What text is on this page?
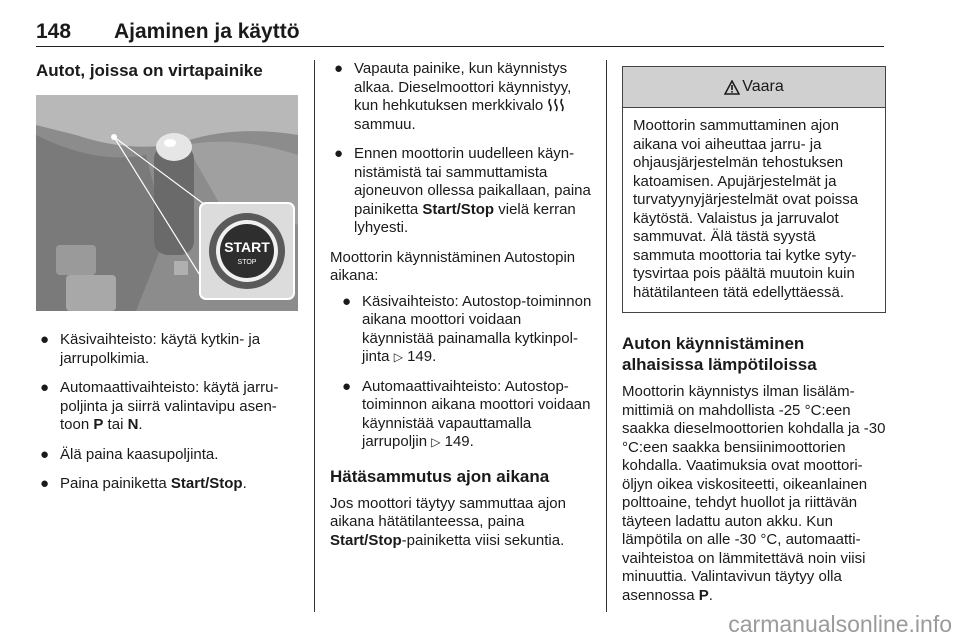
148 Ajaminen ja käyttö
Autot, joissa on virtapainike
START
STOP
● Käsivaihteisto: käytä kytkin- ja jarrupolkimia.
● Automaattivaihteisto: käytä jarrupoljinta ja siirrä valintavipu asentoon P tai N.
● Älä paina kaasupoljinta.
● Paina painiketta Start/Stop.
● Vapauta painike, kun käynnistys alkaa. Dieselmoottori käynnistyy, kun hehkutuksen merkkivalo  sammuu.
● Ennen moottorin uudelleen käynnistämistä tai sammuttamista ajoneuvon ollessa paikallaan, paina painiketta Start/Stop vielä kerran lyhyesti.

Moottorin käynnistäminen Autostopin aikana:

● Käsivaihteisto: Autostop-toiminnon aikana moottori voidaan käynnistää painamalla kytkinpoljinta ▷ 149.
● Automaattivaihteisto: Autostop-toiminnon aikana moottori voidaan käynnistää vapauttamalla jarrupoljin ▷ 149.
Hätäsammutus ajon aikana

Jos moottori täytyy sammuttaa ajon aikana hätätilanteessa, paina Start/Stop-painiketta viisi sekuntia.

Vaara

Moottorin sammuttaminen ajon aikana voi aiheuttaa jarru- ja ohjausjärjestelmän tehostuksen katoamisen. Apujärjestelmät ja turvatyynyjärjestelmät ovat poissa käytöstä. Valaistus ja jarruvalot sammuvat. Älä tästä syystä sammuta moottoria tai kytke sytytysvirtaa pois päältä muutoin kuin hätätilanteen tätä edellyttäessä.

Auton käynnistäminen alhaisissa lämpötiloissa

Moottorin käynnistys ilman lisälämmittimiä on mahdollista -25 °C:een saakka dieselmoottorien kohdalla ja -30 °C:een saakka bensiinimoottorien kohdalla. Vaatimuksia ovat moottoriöljyn oikea viskositeetti, oikeanlainen polttoaine, tehdyt huollot ja riittävän täyteen ladattu auton akku. Kun lämpötila on alle -30 °C, automaattivaihteistoa on lämmitettävä noin viisi minuuttia. Valintavivun täytyy olla asennossa P.

carmanualsonline.info
